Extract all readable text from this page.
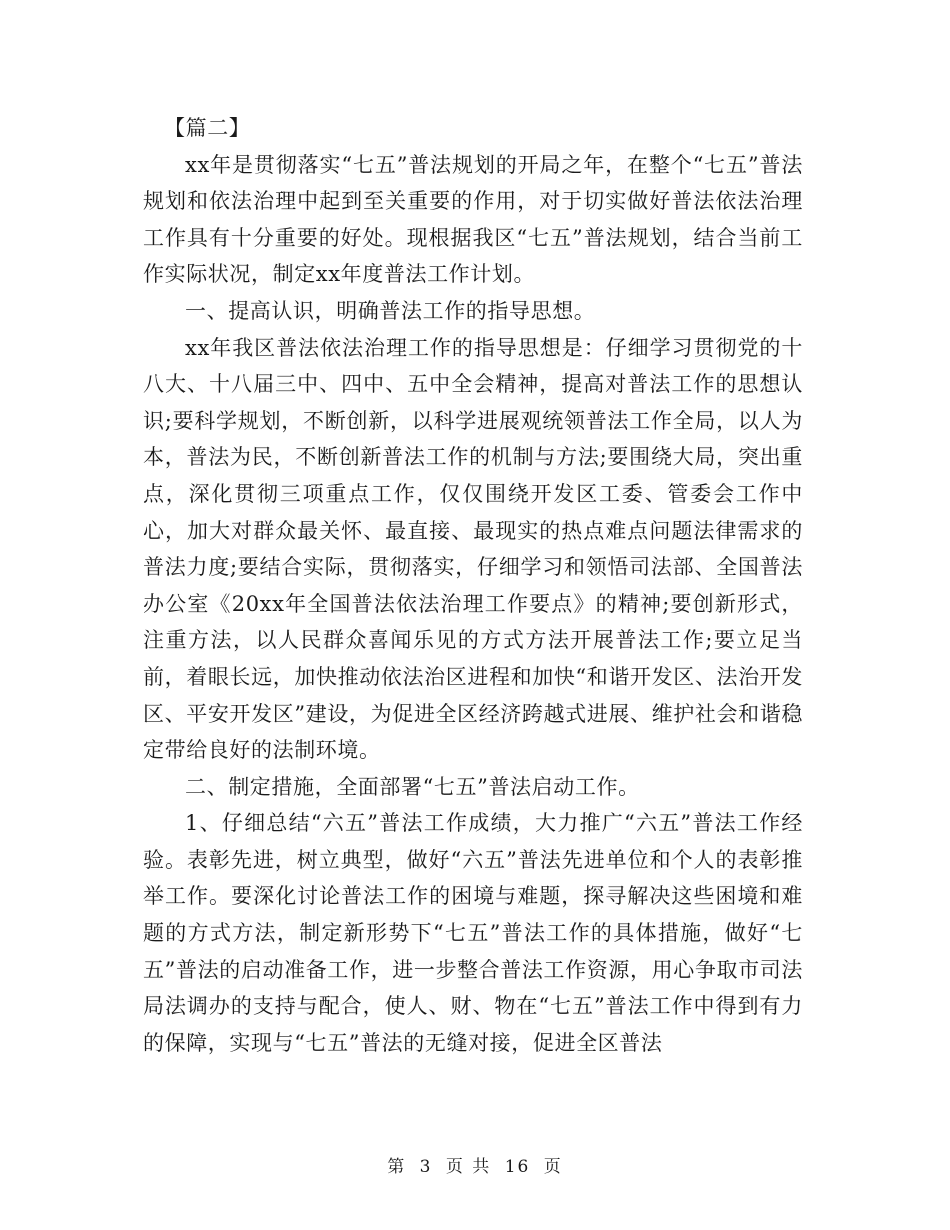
【篇二】

xx年是贯彻落实“七五”普法规划的开局之年，在整个“七五”普法规划和依法治理中起到至关重要的作用，对于切实做好普法依法治理工作具有十分重要的好处。现根据我区“七五”普法规划，结合当前工作实际状况，制定xx年度普法工作计划。

一、提高认识，明确普法工作的指导思想。

xx年我区普法依法治理工作的指导思想是：仔细学习贯彻党的十八大、十八届三中、四中、五中全会精神，提高对普法工作的思想认识;要科学规划，不断创新，以科学进展观统领普法工作全局，以人为本，普法为民，不断创新普法工作的机制与方法;要围绕大局，突出重点，深化贯彻三项重点工作，仅仅围绕开发区工委、管委会工作中心，加大对群众最关怀、最直接、最现实的热点难点问题法律需求的普法力度;要结合实际，贯彻落实，仔细学习和领悟司法部、全国普法办公室《20xx年全国普法依法治理工作要点》的精神;要创新形式，注重方法，以人民群众喜闻乐见的方式方法开展普法工作;要立足当前，着眼长远，加快推动依法治区进程和加快“和谐开发区、法治开发区、平安开发区”建设，为促进全区经济跨越式进展、维护社会和谐稳定带给良好的法制环境。

二、制定措施，全面部署“七五”普法启动工作。

1、仔细总结“六五”普法工作成绩，大力推广“六五”普法工作经验。表彰先进，树立典型，做好“六五”普法先进单位和个人的表彰推举工作。要深化讨论普法工作的困境与难题，探寻解决这些困境和难题的方式方法，制定新形势下“七五”普法工作的具体措施，做好“七五”普法的启动准备工作，进一步整合普法工作资源，用心争取市司法局法调办的支持与配合，使人、财、物在“七五”普法工作中得到有力的保障，实现与“七五”普法的无缝对接，促进全区普法

第 3 页 共 16 页
